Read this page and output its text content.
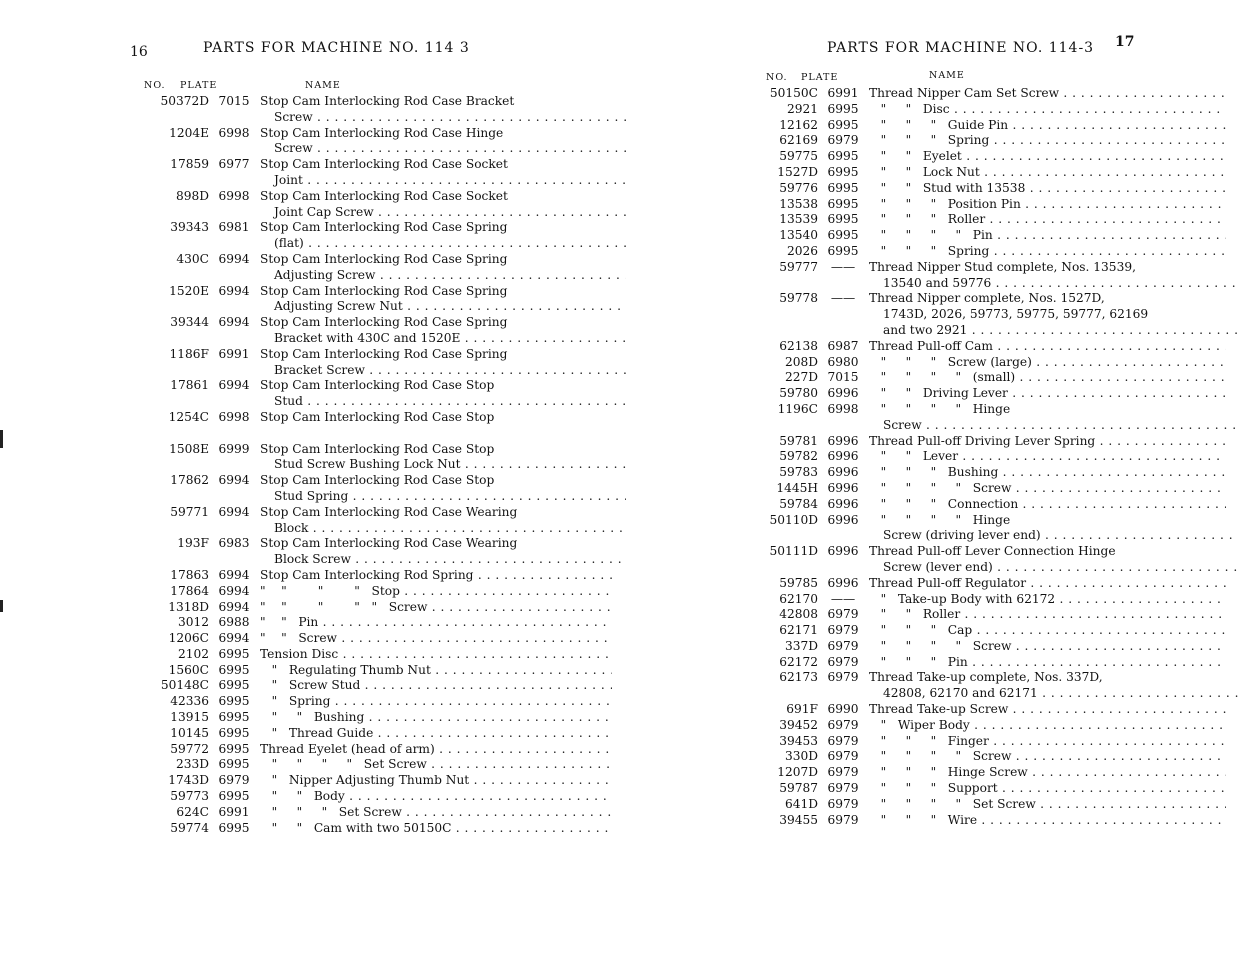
16	PARTS FOR MACHINE NO. 114 3
NO. PLATE	NAME
50372D 7015 Stop Cam Interlocking Rod Case Bracket
Screw . . .
1204E 6998 Stop Cam Interlocking Rod Case Hinge
Screw . . .
17859 6977 Stop Cam Interlocking Rod Case Socket
Joint . . .
898D 6998 Stop Cam Interlocking Rod Case Socket
Joint Cap Screw . . .
39343 6981 Stop Cam Interlocking Rod Case Spring
(flat) . . .
430C 6994 Stop Cam Interlocking Rod Case Spring
Adjusting Screw . . .
1520E 6994 Stop Cam Interlocking Rod Case Spring
Adjusting Screw Nut . . .
39344 6994 Stop Cam Interlocking Rod Case Spring
Bracket with 430C and 1520E . . .
1186F 6991 Stop Cam Interlocking Rod Case Spring
Bracket Screw . . .
17861 6994 Stop Cam Interlocking Rod Case Stop
Stud . . .
1254C 6998 Stop Cam Interlocking Rod Case Stop
1508E 6999 Stop Cam Interlocking Rod Case Stop
Stud Screw Bushing Lock Nut . . .
17862 6994 Stop Cam Interlocking Rod Case Stop
Stud Spring . . .
59771 6994 Stop Cam Interlocking Rod Case Wearing
Block . . .
193F 6983 Stop Cam Interlocking Rod Case Wearing
Block Screw . . .
17863 6994 Stop Cam Interlocking Rod Spring . . .
17864 6994 "    "        "        "   Stop . . .
1318D 6994 "    "        "        "   "   Screw . . .
3012 6988 "    "   Pin . . .
1206C 6994 "    "   Screw . . .
2102 6995 Tension Disc . . .
1560C 6995 "   Regulating Thumb Nut . . .
50148C 6995 "   Screw Stud . . .
42336 6995 "   Spring . . .
13915 6995 "     "   Bushing . . .
10145 6995 "   Thread Guide . . .
59772 6995 Thread Eyelet (head of arm) . . .
233D 6995 "     "     "     "   Set Screw . . .
1743D 6979 "   Nipper Adjusting Thumb Nut . . .
59773 6995 "     "   Body . . .
624C 6991 "     "     "   Set Screw . . .
59774 6995 "     "   Cam with two 50150C . . .
PARTS FOR MACHINE NO. 114-3 17
NO. PLATE	NAME
50150C 6991 Thread Nipper Cam Set Screw . . .
2921 6995 "     "   Disc . . .
12162 6995 "     "     "   Guide Pin . . .
62169 6979 "     "     "   Spring . . .
59775 6995 "     "   Eyelet . . .
1527D 6995 "     "   Lock Nut . . .
59776 6995 "     "   Stud with 13538 . . .
13538 6995 "     "     "   Position Pin . . .
13539 6995 "     "     "   Roller . . .
13540 6995 "     "     "     "   Pin . . .
2026 6995 "     "     "   Spring . . .
59777	——	Thread Nipper Stud complete, Nos. 13539,
13540 and 59776 . . .
59778	——	Thread Nipper complete, Nos. 1527D,
1743D, 2026, 59773, 59775, 59777, 62169
and two 2921 . . .
62138 6987 Thread Pull-off Cam . . .
208D 6980 "     "     "   Screw (large) . . .
227D 7015 "     "     "     "   (small) . . .
59780 6996 "     "   Driving Lever . . .
1196C 6998 "     "     "     "   Hinge
Screw . . .
59781 6996 Thread Pull-off Driving Lever Spring . . .
59782 6996 "     "   Lever . . .
59783 6996 "     "     "   Bushing . . .
1445H 6996 "     "     "     "   Screw . . .
59784 6996 "     "     "   Connection . . .
50110D 6996 "     "     "     "   Hinge
Screw (driving lever end) . . .
50111D 6996 Thread Pull-off Lever Connection Hinge
Screw (lever end) . . .
59785 6996 Thread Pull-off Regulator . . .
62170	——	"   Take-up Body with 62172 . . .
42808 6979 "     "   Roller . . .
62171 6979 "     "     "   Cap . . .
337D 6979 "     "     "     "   Screw . . .
62172 6979 "     "     "   Pin . . .
62173 6979 Thread Take-up complete, Nos. 337D,
42808, 62170 and 62171 . . .
691F 6990 Thread Take-up Screw . . .
39452 6979 "   Wiper Body . . .
39453 6979 "     "     "   Finger . . .
330D 6979 "     "     "     "   Screw . . .
1207D 6979 "     "     "   Hinge Screw . . .
59787 6979 "     "     "   Support . . .
641D 6979 "     "     "     "   Set Screw . . .
39455 6979 "     "     "   Wire . . .
